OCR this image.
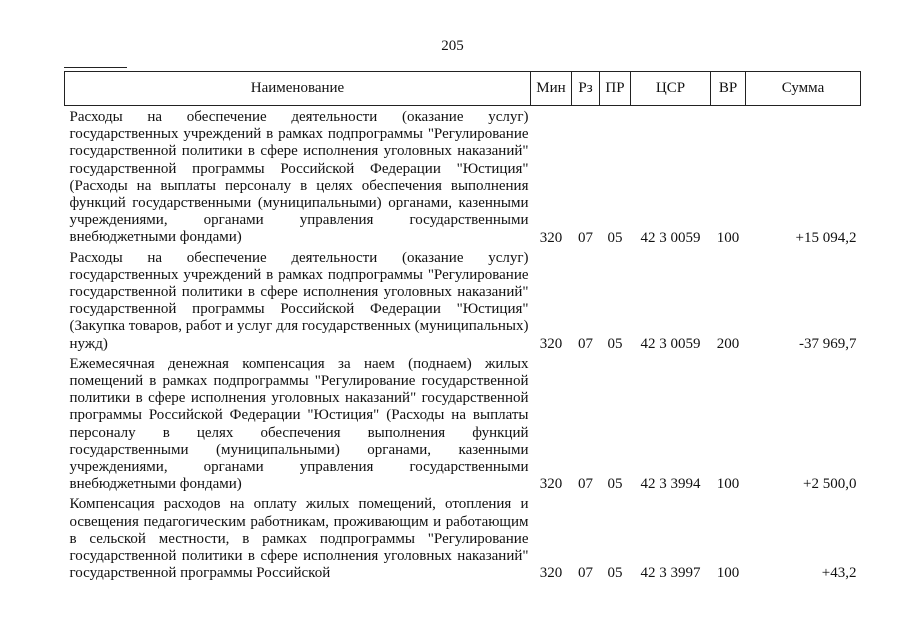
205
Наименование	Мин	Рз	ПР	ЦСР	ВР	Сумма
Расходы на обеспечение деятельности (оказание услуг) государственных учреждений в рамках подпрограммы "Регулирование государственной политики в сфере исполнения уголовных наказаний" государственной программы Российской Федерации "Юстиция" (Расходы на выплаты персоналу в целях обеспечения выполнения функций государственными (муниципальными) органами, казенными учреждениями, органами управления государственными внебюджетными фондами)	320	07	05	42 3 0059	100	+15 094,2
Расходы на обеспечение деятельности (оказание услуг) государственных учреждений в рамках подпрограммы "Регулирование государственной политики в сфере исполнения уголовных наказаний" государственной программы Российской Федерации "Юстиция" (Закупка товаров, работ и услуг для государственных (муниципальных) нужд)	320	07	05	42 3 0059	200	-37 969,7
Ежемесячная денежная компенсация за наем (поднаем) жилых помещений в рамках подпрограммы "Регулирование государственной политики в сфере исполнения уголовных наказаний" государственной программы Российской Федерации "Юстиция" (Расходы на выплаты персоналу в целях обеспечения выполнения функций государственными (муниципальными) органами, казенными учреждениями, органами управления государственными внебюджетными фондами)	320	07	05	42 3 3994	100	+2 500,0
Компенсация расходов на оплату жилых помещений, отопления и освещения педагогическим работникам, проживающим и работающим в сельской местности, в рамках подпрограммы "Регулирование государственной политики в сфере исполнения уголовных наказаний" государственной программы Российской	320	07	05	42 3 3997	100	+43,2
